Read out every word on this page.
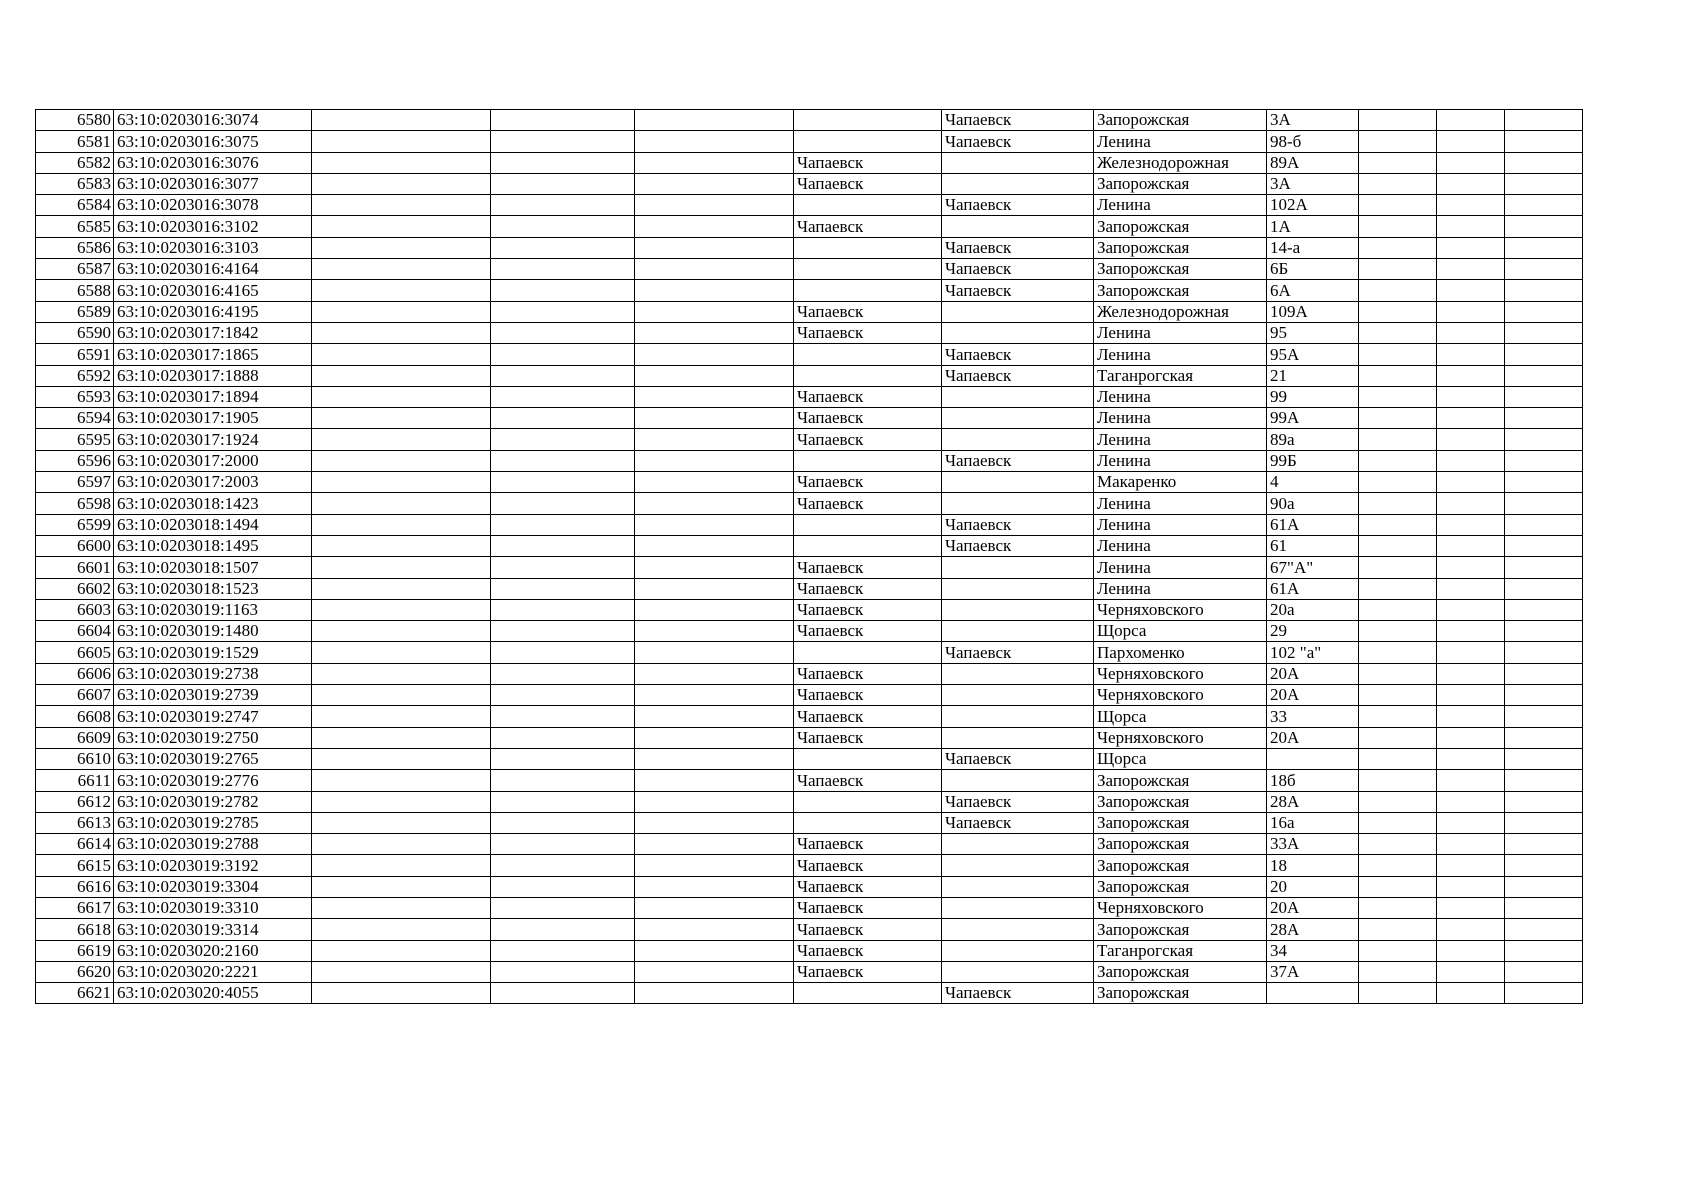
6580	63:10:0203016:3074					Чапаевск	Запорожская	3А			
6581	63:10:0203016:3075					Чапаевск	Ленина	98-б			
6582	63:10:0203016:3076				Чапаевск		Железнодорожная	89А			
6583	63:10:0203016:3077				Чапаевск		Запорожская	3А			
6584	63:10:0203016:3078					Чапаевск	Ленина	102А			
6585	63:10:0203016:3102				Чапаевск		Запорожская	1А			
6586	63:10:0203016:3103					Чапаевск	Запорожская	14-а			
6587	63:10:0203016:4164					Чапаевск	Запорожская	6Б			
6588	63:10:0203016:4165					Чапаевск	Запорожская	6А			
6589	63:10:0203016:4195				Чапаевск		Железнодорожная	109А			
6590	63:10:0203017:1842				Чапаевск		Ленина	95			
6591	63:10:0203017:1865					Чапаевск	Ленина	95А			
6592	63:10:0203017:1888					Чапаевск	Таганрогская	21			
6593	63:10:0203017:1894				Чапаевск		Ленина	99			
6594	63:10:0203017:1905				Чапаевск		Ленина	99А			
6595	63:10:0203017:1924				Чапаевск		Ленина	89а			
6596	63:10:0203017:2000					Чапаевск	Ленина	99Б			
6597	63:10:0203017:2003				Чапаевск		Макаренко	4			
6598	63:10:0203018:1423				Чапаевск		Ленина	90а			
6599	63:10:0203018:1494					Чапаевск	Ленина	61А			
6600	63:10:0203018:1495					Чапаевск	Ленина	61			
6601	63:10:0203018:1507				Чапаевск		Ленина	67"А"			
6602	63:10:0203018:1523				Чапаевск		Ленина	61А			
6603	63:10:0203019:1163				Чапаевск		Черняховского	20а			
6604	63:10:0203019:1480				Чапаевск		Щорса	29			
6605	63:10:0203019:1529					Чапаевск	Пархоменко	102 "а"			
6606	63:10:0203019:2738				Чапаевск		Черняховского	20А			
6607	63:10:0203019:2739				Чапаевск		Черняховского	20А			
6608	63:10:0203019:2747				Чапаевск		Щорса	33			
6609	63:10:0203019:2750				Чапаевск		Черняховского	20А			
6610	63:10:0203019:2765					Чапаевск	Щорса				
6611	63:10:0203019:2776				Чапаевск		Запорожская	18б			
6612	63:10:0203019:2782					Чапаевск	Запорожская	28А			
6613	63:10:0203019:2785					Чапаевск	Запорожская	16а			
6614	63:10:0203019:2788				Чапаевск		Запорожская	33А			
6615	63:10:0203019:3192				Чапаевск		Запорожская	18			
6616	63:10:0203019:3304				Чапаевск		Запорожская	20			
6617	63:10:0203019:3310				Чапаевск		Черняховского	20А			
6618	63:10:0203019:3314				Чапаевск		Запорожская	28А			
6619	63:10:0203020:2160				Чапаевск		Таганрогская	34			
6620	63:10:0203020:2221				Чапаевск		Запорожская	37А			
6621	63:10:0203020:4055					Чапаевск	Запорожская				
